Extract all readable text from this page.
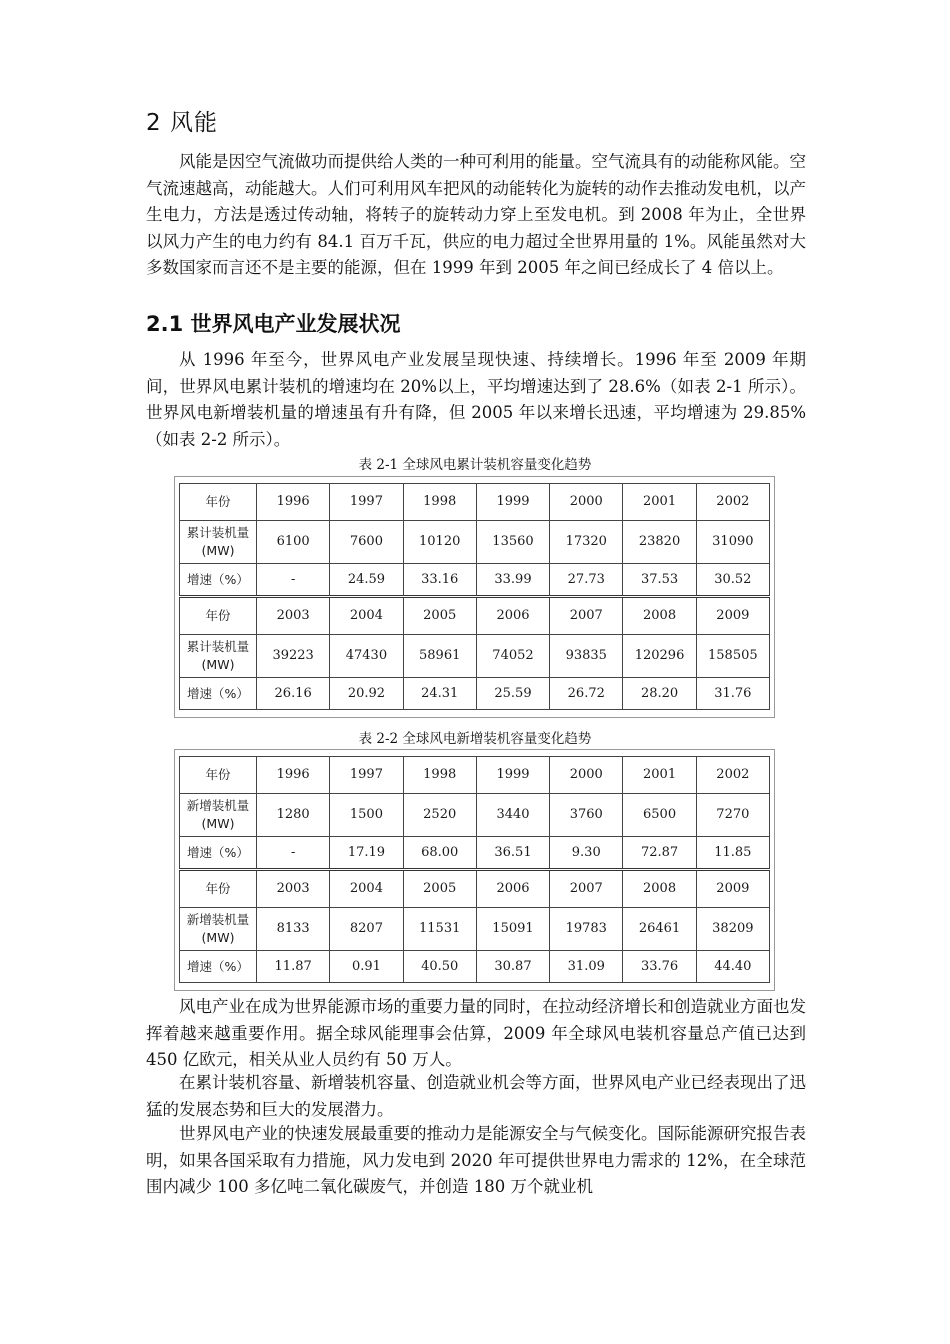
2 风能

风能是因空气流做功而提供给人类的一种可利用的能量。空气流具有的动能称风能。空气流速越高，动能越大。人们可利用风车把风的动能转化为旋转的动作去推动发电机，以产生电力，方法是透过传动轴，将转子的旋转动力穿上至发电机。到 2008 年为止，全世界以风力产生的电力约有 84.1 百万千瓦，供应的电力超过全世界用量的 1%。风能虽然对大多数国家而言还不是主要的能源，但在 1999 年到 2005 年之间已经成长了 4 倍以上。

2.1 世界风电产业发展状况

从 1996 年至今，世界风电产业发展呈现快速、持续增长。1996 年至 2009 年期间，世界风电累计装机的增速均在 20%以上，平均增速达到了 28.6%（如表 2-1 所示）。世界风电新增装机量的增速虽有升有降，但 2005 年以来增长迅速，平均增速为 29.85%（如表 2-2 所示）。

表 2-1 全球风电累计装机容量变化趋势
年份	1996	1997	1998	1999	2000	2001	2002
累计装机量(MW)	6100	7600	10120	13560	17320	23820	31090
增速（%）	-	24.59	33.16	33.99	27.73	37.53	30.52
年份	2003	2004	2005	2006	2007	2008	2009
累计装机量(MW)	39223	47430	58961	74052	93835	120296	158505
增速（%）	26.16	20.92	24.31	25.59	26.72	28.20	31.76
表 2-2 全球风电新增装机容量变化趋势
年份	1996	1997	1998	1999	2000	2001	2002
新增装机量(MW)	1280	1500	2520	3440	3760	6500	7270
增速（%）	-	17.19	68.00	36.51	9.30	72.87	11.85
年份	2003	2004	2005	2006	2007	2008	2009
新增装机量(MW)	8133	8207	11531	15091	19783	26461	38209
增速（%）	11.87	0.91	40.50	30.87	31.09	33.76	44.40

风电产业在成为世界能源市场的重要力量的同时，在拉动经济增长和创造就业方面也发挥着越来越重要作用。据全球风能理事会估算，2009 年全球风电装机容量总产值已达到 450 亿欧元，相关从业人员约有 50 万人。

在累计装机容量、新增装机容量、创造就业机会等方面，世界风电产业已经表现出了迅猛的发展态势和巨大的发展潜力。

世界风电产业的快速发展最重要的推动力是能源安全与气候变化。国际能源研究报告表明，如果各国采取有力措施，风力发电到 2020 年可提供世界电力需求的 12%，在全球范围内减少 100 多亿吨二氧化碳废气，并创造 180 万个就业机
